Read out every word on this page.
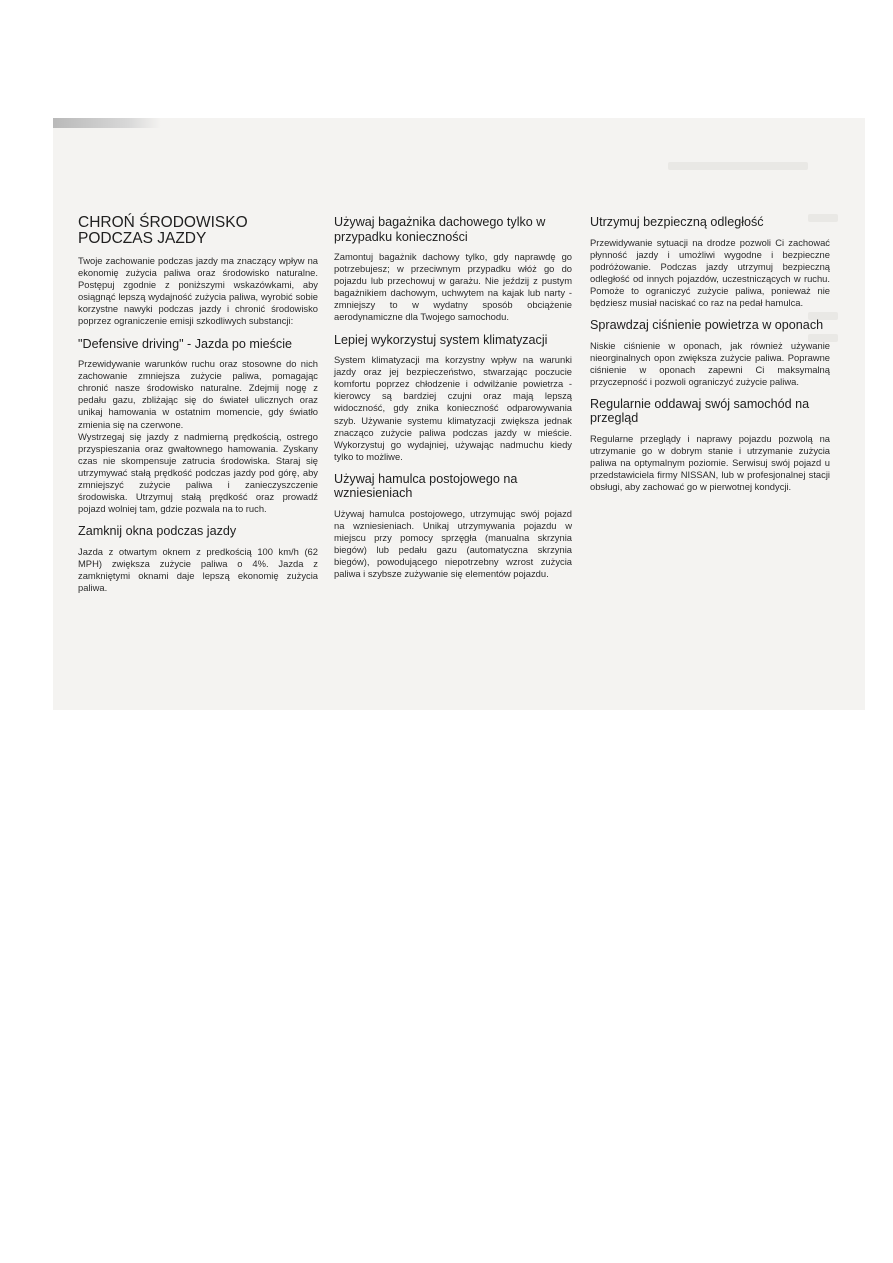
CHROŃ ŚRODOWISKO PODCZAS JAZDY

Twoje zachowanie podczas jazdy ma znaczący wpływ na ekonomię zużycia paliwa oraz środowisko naturalne. Postępuj zgodnie z poniższymi wskazówkami, aby osiągnąć lepszą wydajność zużycia paliwa, wyrobić sobie korzystne nawyki podczas jazdy i chronić środowisko poprzez ograniczenie emisji szkodliwych substancji:

"Defensive driving" - Jazda po mieście

Przewidywanie warunków ruchu oraz stosowne do nich zachowanie zmniejsza zużycie paliwa, pomagając chronić nasze środowisko naturalne. Zdejmij nogę z pedału gazu, zbliżając się do świateł ulicznych oraz unikaj hamowania w ostatnim momencie, gdy światło zmienia się na czerwone.

Wystrzegaj się jazdy z nadmierną prędkością, ostrego przyspieszania oraz gwałtownego hamowania. Zyskany czas nie skompensuje zatrucia środowiska. Staraj się utrzymywać stałą prędkość podczas jazdy pod górę, aby zmniejszyć zużycie paliwa i zanieczyszczenie środowiska. Utrzymuj stałą prędkość oraz prowadź pojazd wolniej tam, gdzie pozwala na to ruch.

Zamknij okna podczas jazdy

Jazda z otwartym oknem z predkością 100 km/h (62 MPH) zwiększa zużycie paliwa o 4%. Jazda z zamkniętymi oknami daje lepszą ekonomię zużycia paliwa.

Używaj bagażnika dachowego tylko w przypadku konieczności

Zamontuj bagażnik dachowy tylko, gdy naprawdę go potrzebujesz; w przeciwnym przypadku włóż go do pojazdu lub przechowuj w garażu. Nie jeździj z pustym bagażnikiem dachowym, uchwytem na kajak lub narty - zmniejszy to w wydatny sposób obciążenie aerodynamiczne dla Twojego samochodu.

Lepiej wykorzystuj system klimatyzacji

System klimatyzacji ma korzystny wpływ na warunki jazdy oraz jej bezpieczeństwo, stwarzając poczucie komfortu poprzez chłodzenie i odwilżanie powietrza - kierowcy są bardziej czujni oraz mają lepszą widoczność, gdy znika konieczność odparowywania szyb. Używanie systemu klimatyzacji zwiększa jednak znacząco zużycie paliwa podczas jazdy w mieście. Wykorzystuj go wydajniej, używając nadmuchu kiedy tylko to możliwe.

Używaj hamulca postojowego na wzniesieniach

Używaj hamulca postojowego, utrzymując swój pojazd na wzniesieniach. Unikaj utrzymywania pojazdu w miejscu przy pomocy sprzęgła (manualna skrzynia biegów) lub pedału gazu (automatyczna skrzynia biegów), powodującego niepotrzebny wzrost zużycia paliwa i szybsze zużywanie się elementów pojazdu.

Utrzymuj bezpieczną odległość

Przewidywanie sytuacji na drodze pozwoli Ci zachować płynność jazdy i umożliwi wygodne i bezpieczne podróżowanie. Podczas jazdy utrzymuj bezpieczną odległość od innych pojazdów, uczestniczących w ruchu. Pomoże to ograniczyć zużycie paliwa, ponieważ nie będziesz musiał naciskać co raz na pedał hamulca.

Sprawdzaj ciśnienie powietrza w oponach

Niskie ciśnienie w oponach, jak również używanie nieorginalnych opon zwiększa zużycie paliwa. Poprawne ciśnienie w oponach zapewni Ci maksymalną przyczepność i pozwoli ograniczyć zużycie paliwa.

Regularnie oddawaj swój samochód na przegląd

Regularne przeglądy i naprawy pojazdu pozwolą na utrzymanie go w dobrym stanie i utrzymanie zużycia paliwa na optymalnym poziomie. Serwisuj swój pojazd u przedstawiciela firmy NISSAN, lub w profesjonalnej stacji obsługi, aby zachować go w pierwotnej kondycji.
